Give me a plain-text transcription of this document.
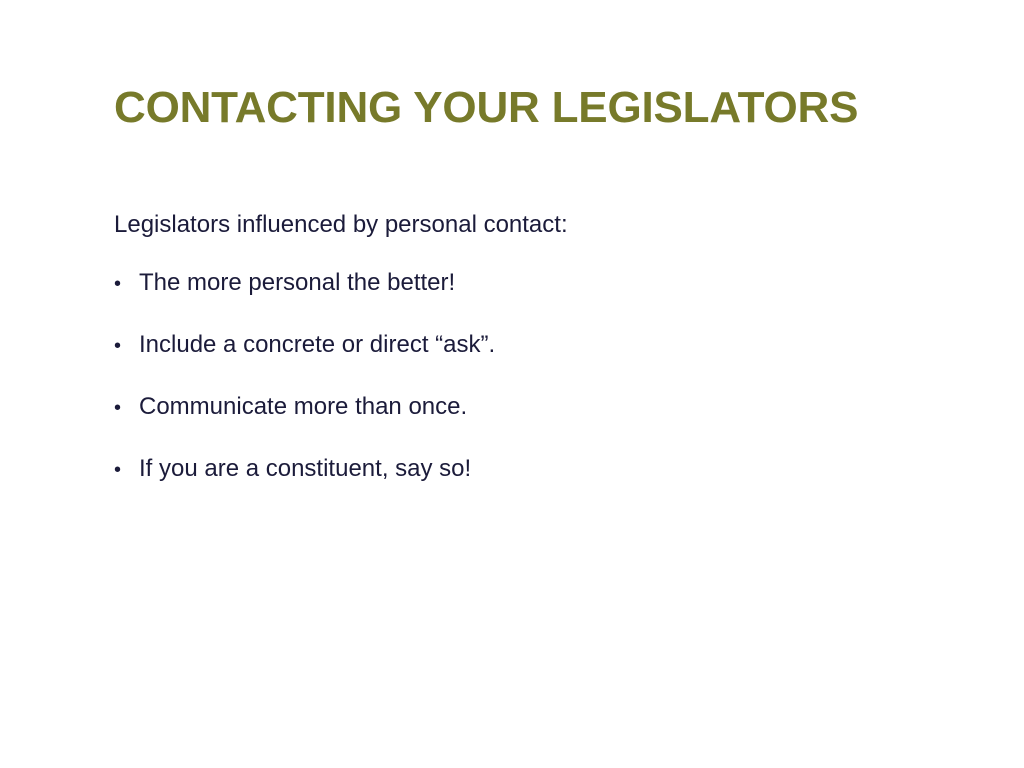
CONTACTING YOUR LEGISLATORS

Legislators influenced by personal contact:

• The more personal the better!
• Include a concrete or direct “ask”.
• Communicate more than once.
• If you are a constituent, say so!
